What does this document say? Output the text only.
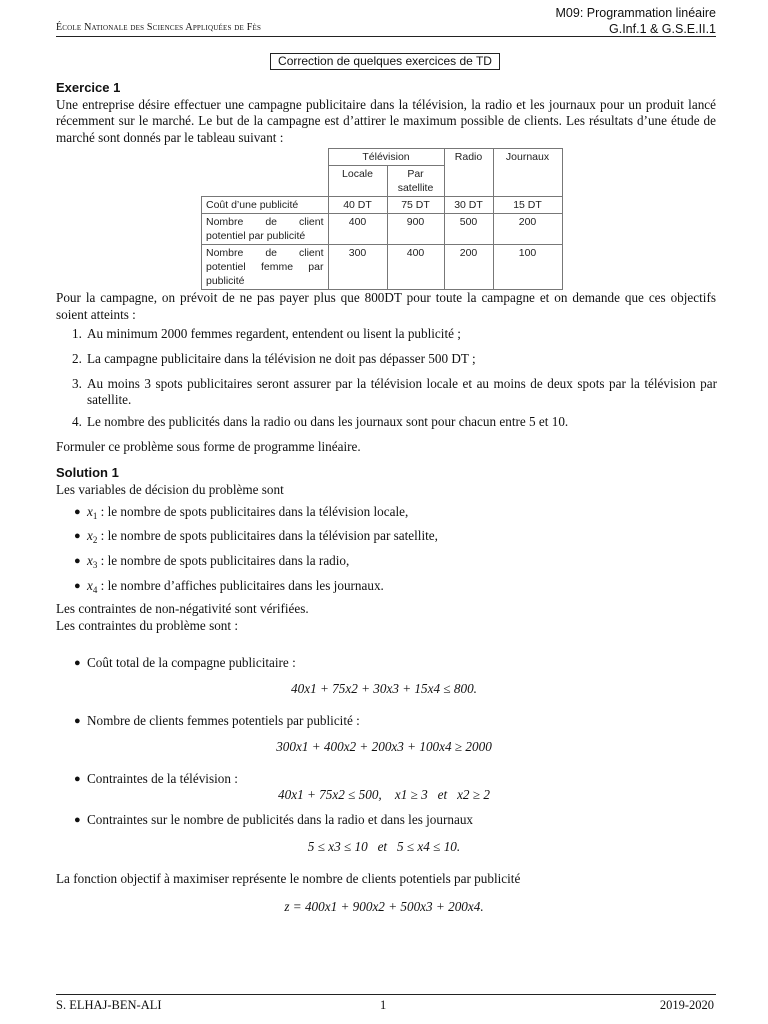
École Nationale des Sciences Appliquées de Fès
M09: Programmation linéaire
G.Inf.1 & G.S.E.II.1
Correction de quelques exercices de TD
Exercice 1
Une entreprise désire effectuer une campagne publicitaire dans la télévision, la radio et les journaux pour un produit lancé récemment sur le marché. Le but de la campagne est d’attirer le maximum possible de clients. Les résultats d’une étude de marché sont donnés par le tableau suivant :
	Télévision		Radio	Journaux
	Locale	Par satellite		
Coût d’une publicité	40 DT	75 DT	30 DT	15 DT
Nombre de client potentiel par publicité	400	900	500	200
Nombre de client potentiel femme par publicité	300	400	200	100
Pour la campagne, on prévoit de ne pas payer plus que 800DT pour toute la campagne et on demande que ces objectifs soient atteints :
1. Au minimum 2000 femmes regardent, entendent ou lisent la publicité ;
2. La campagne publicitaire dans la télévision ne doit pas dépasser 500 DT ;
3. Au moins 3 spots publicitaires seront assurer par la télévision locale et au moins de deux spots par la télévision par satellite.
4. Le nombre des publicités dans la radio ou dans les journaux sont pour chacun entre 5 et 10.
Formuler ce problème sous forme de programme linéaire.
Solution 1
Les variables de décision du problème sont
● $x_1$ : le nombre de spots publicitaires dans la télévision locale,
● $x_2$ : le nombre de spots publicitaires dans la télévision par satellite,
● $x_3$ : le nombre de spots publicitaires dans la radio,
● $x_4$ : le nombre d’affiches publicitaires dans les journaux.
Les contraintes de non-négativité sont vérifiées.
Les contraintes du problème sont :
● Coût total de la compagne publicitaire :
40x1 + 75x2 + 30x3 + 15x4 ≤ 800.
● Nombre de clients femmes potentiels par publicité :
300x1 + 400x2 + 200x3 + 100x4 ≥ 2000
● Contraintes de la télévision :
40x1 + 75x2 ≤ 500,    x1 ≥ 3   et   x2 ≥ 2
● Contraintes sur le nombre de publicités dans la radio et dans les journaux
5 ≤ x3 ≤ 10   et   5 ≤ x4 ≤ 10.
La fonction objectif à maximiser représente le nombre de clients potentiels par publicité
z = 400x1 + 900x2 + 500x3 + 200x4.
S. ELHAJ-BEN-ALI	1	2019-2020
